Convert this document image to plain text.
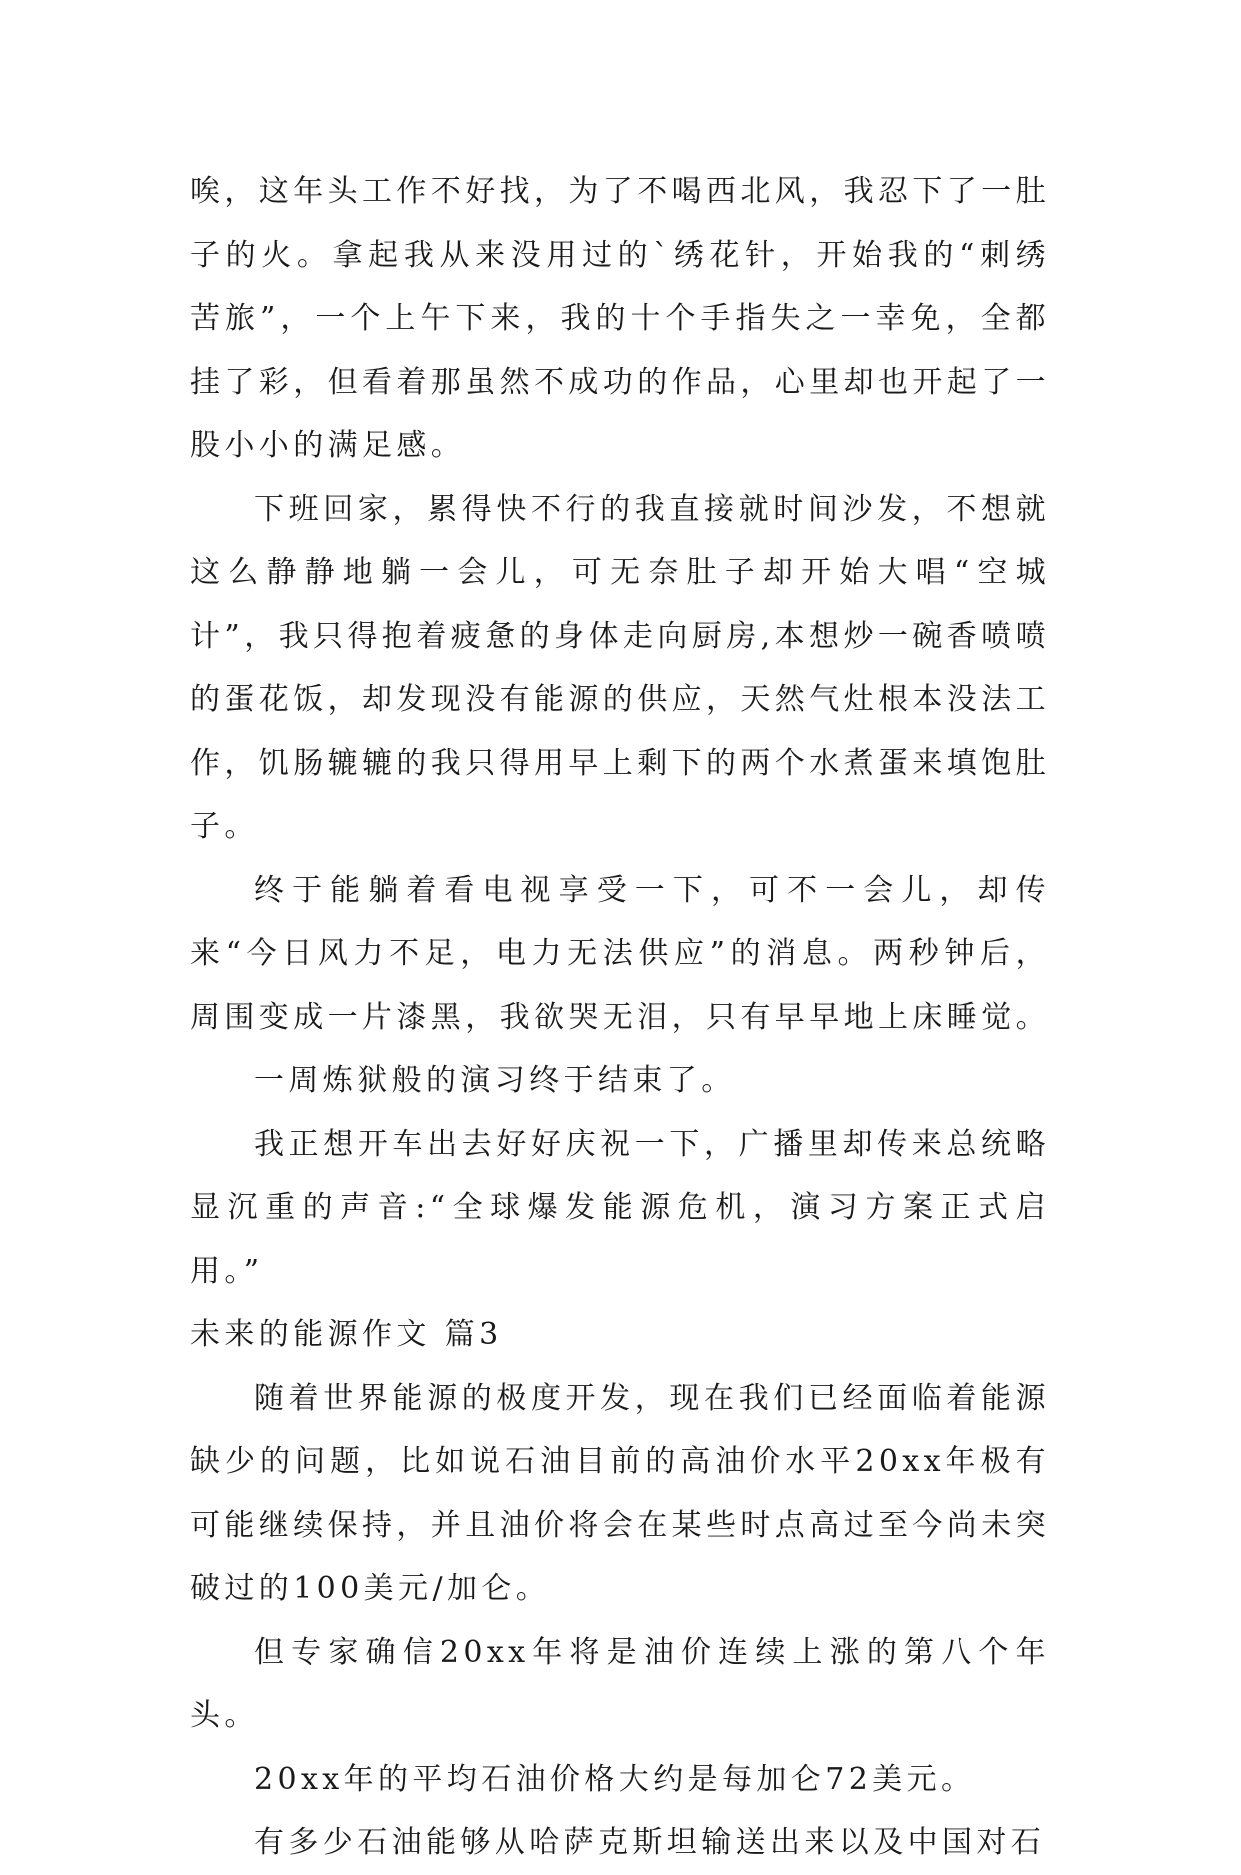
唉，这年头工作不好找，为了不喝西北风，我忍下了一肚子的火。拿起我从来没用过的`绣花针，开始我的“刺绣苦旅”，一个上午下来，我的十个手指失之一幸免，全都挂了彩，但看着那虽然不成功的作品，心里却也开起了一股小小的满足感。

下班回家，累得快不行的我直接就时间沙发，不想就这么静静地躺一会儿，可无奈肚子却开始大唱“空城计”，我只得抱着疲惫的身体走向厨房,本想炒一碗香喷喷的蛋花饭，却发现没有能源的供应，天然气灶根本没法工作，饥肠辘辘的我只得用早上剩下的两个水煮蛋来填饱肚子。

终于能躺着看电视享受一下，可不一会儿，却传来“今日风力不足，电力无法供应”的消息。两秒钟后，周围变成一片漆黑，我欲哭无泪，只有早早地上床睡觉。

一周炼狱般的演习终于结束了。

我正想开车出去好好庆祝一下，广播里却传来总统略显沉重的声音:“全球爆发能源危机，演习方案正式启用。”

未来的能源作文 篇3

随着世界能源的极度开发，现在我们已经面临着能源缺少的问题，比如说石油目前的高油价水平20xx年极有可能继续保持，并且油价将会在某些时点高过至今尚未突破过的100美元/加仑。

但专家确信20xx年将是油价连续上涨的第八个年头。

20xx年的平均石油价格大约是每加仑72美元。

有多少石油能够从哈萨克斯坦输送出来以及中国对石
